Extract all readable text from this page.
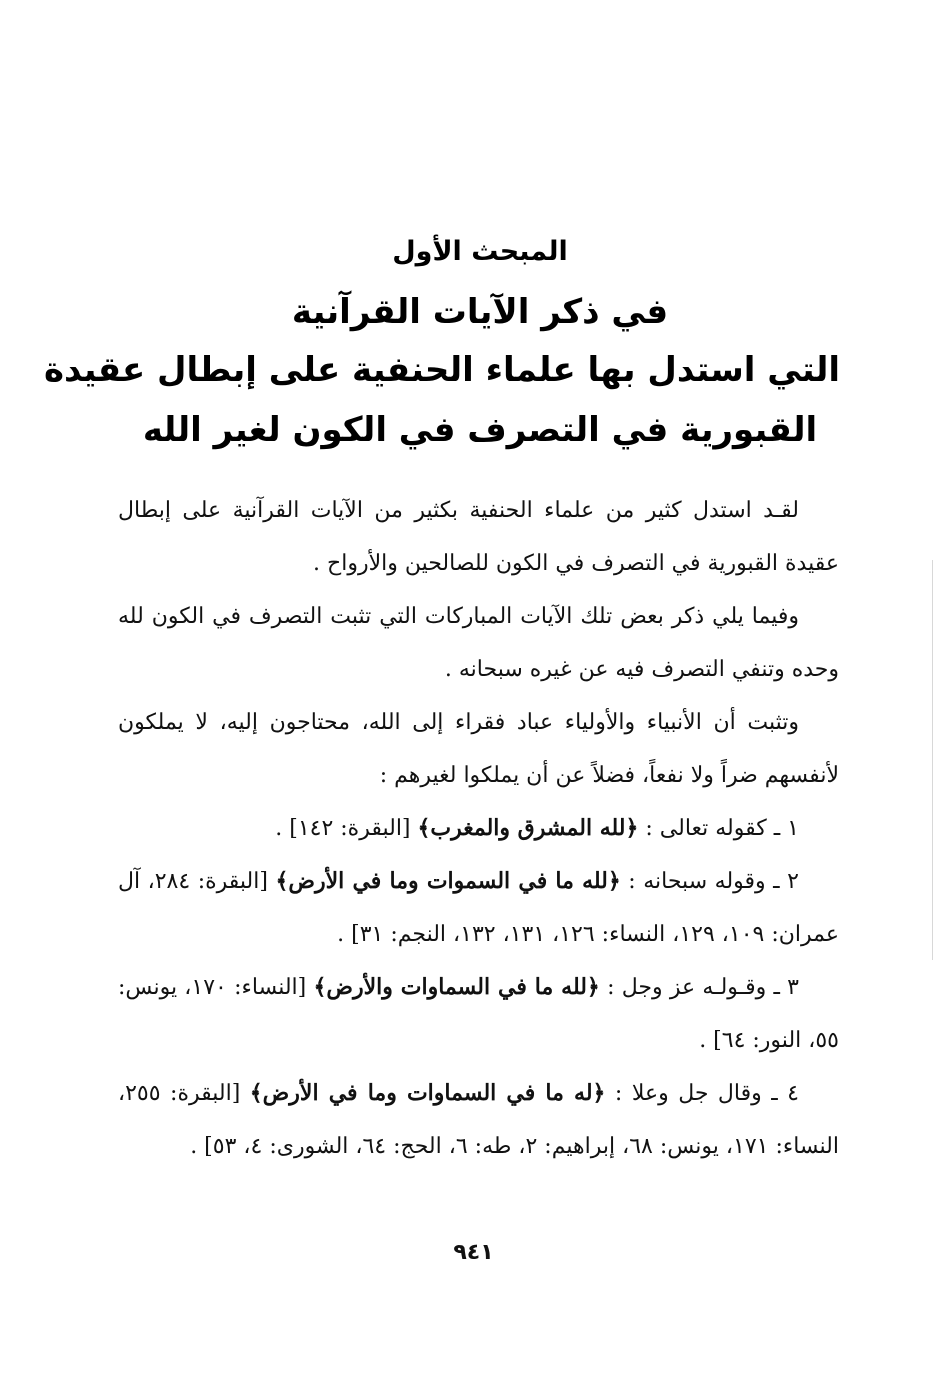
المبحث الأول
في ذكر الآيات القرآنية
التي استدل بها علماء الحنفية على إبطال عقيدة
القبورية في التصرف في الكون لغير الله

لقـد استدل كثير من علماء الحنفية بكثير من الآيات القرآنية على إبطال عقيدة القبورية في التصرف في الكون للصالحين والأرواح .

وفيما يلي ذكر بعض تلك الآيات المباركات التي تثبت التصرف في الكون لله وحده وتنفي التصرف فيه عن غيره سبحانه .

وتثبت أن الأنبياء والأولياء عباد فقراء إلى الله، محتاجون إليه، لا يملكون لأنفسهم ضراً ولا نفعاً، فضلاً عن أن يملكوا لغيرهم :

١ ـ كقوله تعالى : ﴿لله المشرق والمغرب﴾ [البقرة: ١٤٢] .

٢ ـ وقوله سبحانه : ﴿لله ما في السموات وما في الأرض﴾ [البقرة: ٢٨٤، آل عمران: ١٠٩، ١٢٩، النساء: ١٢٦، ١٣١، ١٣٢، النجم: ٣١] .

٣ ـ وقـولـه عز وجل : ﴿لله ما في السماوات والأرض﴾ [النساء: ١٧٠، يونس: ٥٥، النور: ٦٤] .

٤ ـ وقال جل وعلا : ﴿له ما في السماوات وما في الأرض﴾ [البقرة: ٢٥٥، النساء: ١٧١، يونس: ٦٨، إبراهيم: ٢، طه: ٦، الحج: ٦٤، الشورى: ٤، ٥٣] .

٩٤١
